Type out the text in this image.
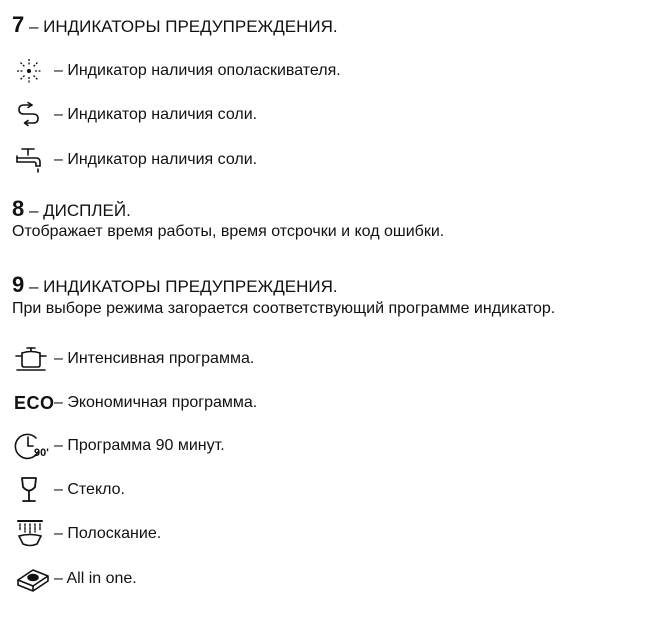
7 – ИНДИКАТОРЫ ПРЕДУПРЕЖДЕНИЯ.
– Индикатор наличия ополаскивателя.
– Индикатор наличия соли.
– Индикатор наличия соли.
8 – ДИСПЛЕЙ.
Отображает время работы, время отсрочки и код ошибки.
9 – ИНДИКАТОРЫ ПРЕДУПРЕЖДЕНИЯ.
При выборе режима загорается соответствующий программе индикатор.
– Интенсивная программа.
ECO – Экономичная программа.
90' – Программа 90 минут.
– Стекло.
– Полоскание.
– All in one.
